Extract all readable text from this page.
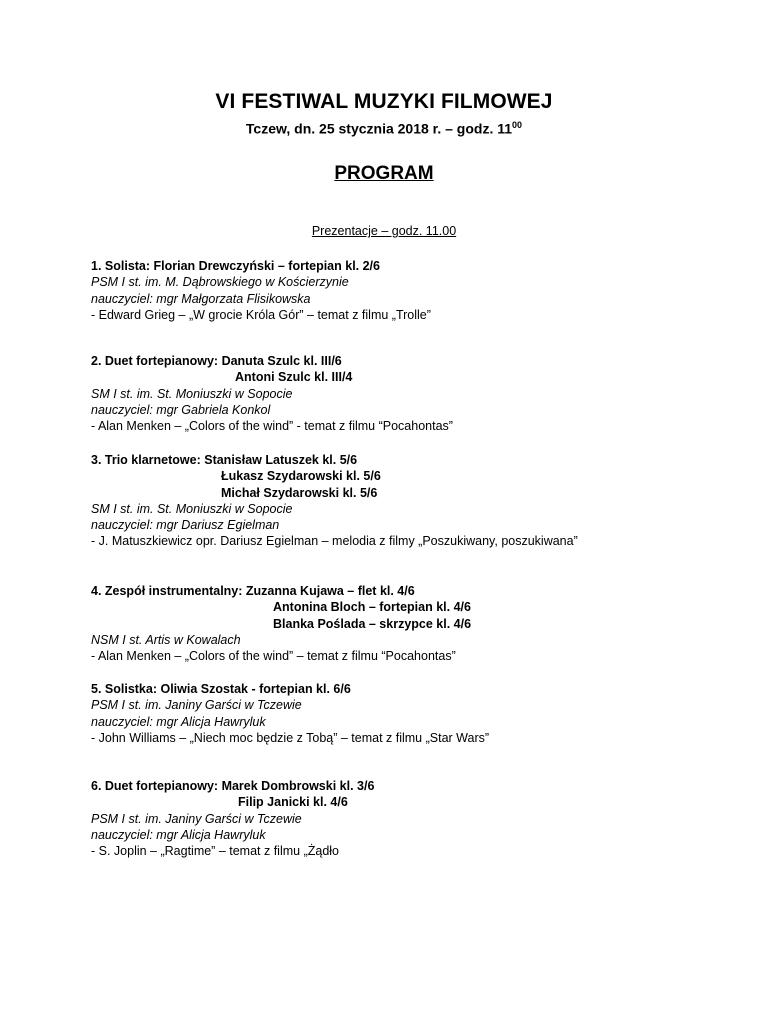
VI FESTIWAL MUZYKI FILMOWEJ
Tczew, dn. 25 stycznia 2018 r. – godz. $11^{00}$
PROGRAM
Prezentacje – godz. 11.00
1. Solista: Florian Drewczyński – fortepian kl. 2/6
PSM I st. im. M. Dąbrowskiego w Kościerzynie
nauczyciel: mgr Małgorzata Flisikowska
- Edward Grieg – „W grocie Króla Gór” – temat z filmu „Trolle”
2. Duet fortepianowy: Danuta Szulc kl. III/6
Antoni Szulc kl. III/4
SM I st. im. St. Moniuszki w Sopocie
nauczyciel: mgr Gabriela Konkol
- Alan Menken – „Colors of the wind” - temat z filmu “Pocahontas”
3. Trio klarnetowe: Stanisław Latuszek kl. 5/6
Łukasz Szydarowski kl. 5/6
Michał Szydarowski kl. 5/6
SM I st. im. St. Moniuszki w Sopocie
nauczyciel: mgr Dariusz Egielman
- J. Matuszkiewicz opr. Dariusz Egielman – melodia z filmy „Poszukiwany, poszukiwana”
4. Zespół instrumentalny: Zuzanna Kujawa – flet kl. 4/6
Antonina Bloch – fortepian kl. 4/6
Blanka Poślada – skrzypce kl. 4/6
NSM I st. Artis w Kowalach
- Alan Menken – „Colors of the wind” – temat z filmu “Pocahontas”
5. Solistka: Oliwia Szostak - fortepian kl. 6/6
PSM I st. im. Janiny Garści w Tczewie
nauczyciel: mgr Alicja Hawryluk
- John Williams – „Niech moc będzie z Tobą” – temat z filmu „Star Wars”
6. Duet fortepianowy: Marek Dombrowski kl. 3/6
Filip Janicki kl. 4/6
PSM I st. im. Janiny Garści w Tczewie
nauczyciel: mgr Alicja Hawryluk
- S. Joplin – „Ragtime” – temat z filmu „Żądło
